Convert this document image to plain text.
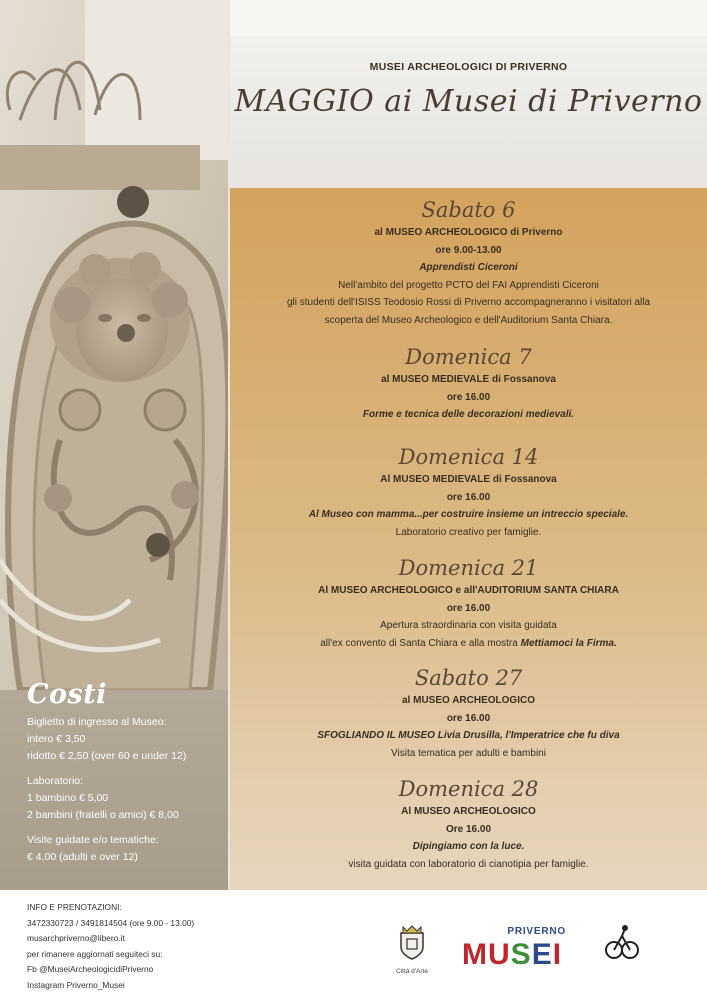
Costi
Biglietto di ingresso al Museo:
intero € 3,50
ridotto € 2,50 (over 60 e under 12)
Laboratorio:
1 bambino € 5,00
2 bambini (fratelli o amici) € 8,00
Visite guidate e/o tematiche:
€ 4,00 (adulti e over 12)
MUSEI ARCHEOLOGICI DI PRIVERNO
MAGGIO ai Musei di Priverno
Sabato 6
al MUSEO ARCHEOLOGICO di Priverno
ore 9.00-13.00
Apprendisti Ciceroni
Nell'ambito del progetto PCTO del FAI Apprendisti Ciceroni
gli studenti dell'ISISS Teodosio Rossi di Priverno accompagneranno i visitatori alla
scoperta del Museo Archeologico e dell'Auditorium Santa Chiara.
Domenica 7
al MUSEO MEDIEVALE di Fossanova
ore 16.00
Forme e tecnica delle decorazioni medievali.
Domenica 14
Al MUSEO MEDIEVALE di Fossanova
ore 16.00
Al Museo con mamma...per costruire insieme un intreccio speciale.
Laboratorio creativo per famiglie.
Domenica 21
Al MUSEO ARCHEOLOGICO e all'AUDITORIUM SANTA CHIARA
ore 16.00
Apertura straordinaria con visita guidata
all'ex convento di Santa Chiara e alla mostra Mettiamoci la Firma.
Sabato 27
al MUSEO ARCHEOLOGICO
ore 16.00
SFOGLIANDO IL MUSEO Livia Drusilla, l'Imperatrice che fu diva
Visita tematica per adulti e bambini
Domenica 28
Al MUSEO ARCHEOLOGICO
Ore 16.00
Dipingiamo con la luce.
visita guidata con laboratorio di cianotipia per famiglie.
INFO E PRENOTAZIONI:
3472330723 / 3491814504 (ore 9.00 - 13.00)
musarchpriverno@libero.it
per rimanere aggiornati seguiteci su:
Fb @MuseiArcheologicidiPriverno
Instagram Priverno_Musei
Città d'Arte
PRIVERNO
MUSEI
